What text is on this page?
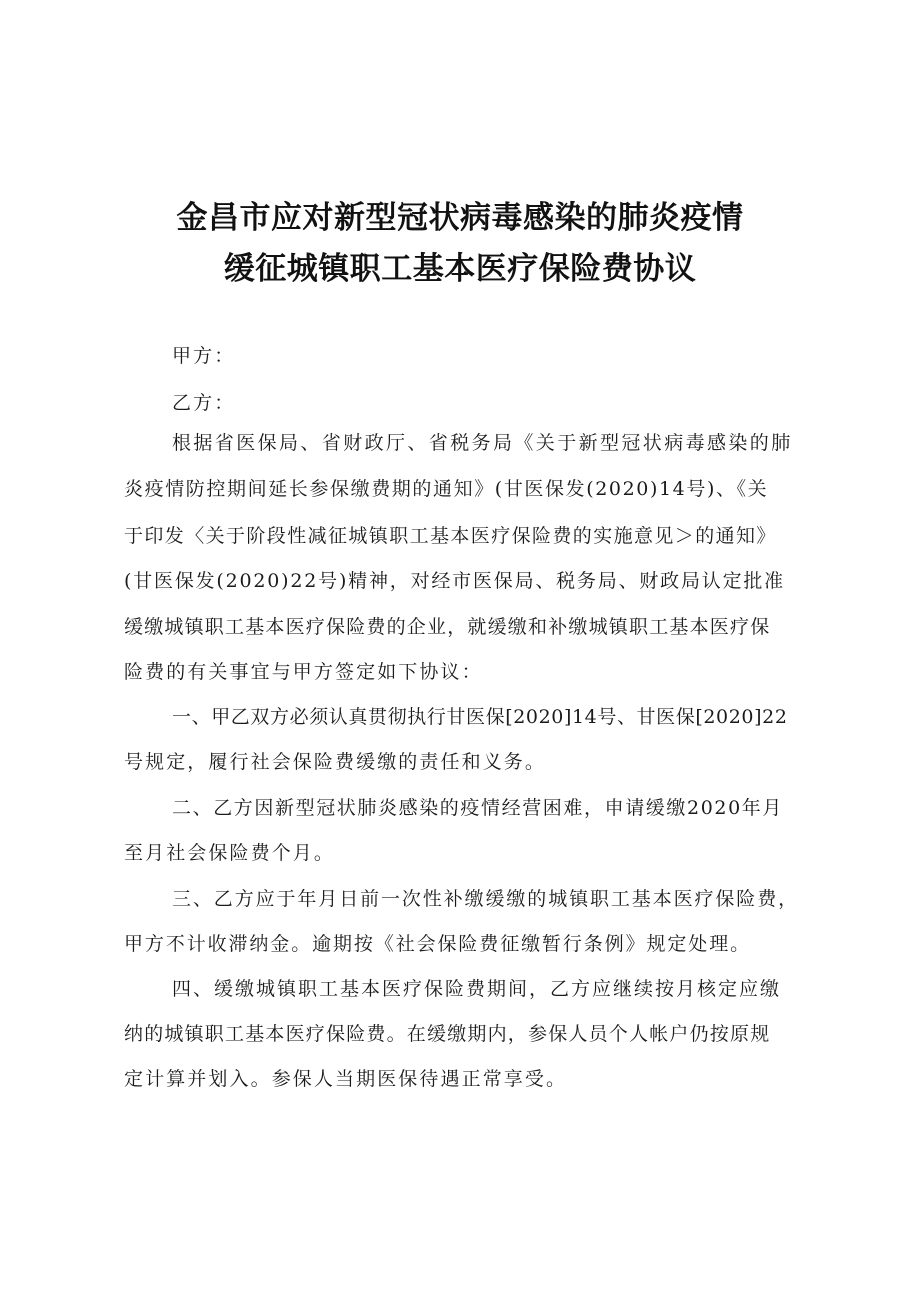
金昌市应对新型冠状病毒感染的肺炎疫情
缓征城镇职工基本医疗保险费协议
甲方：
乙方：
根据省医保局、省财政厅、省税务局《关于新型冠状病毒感染的肺
炎疫情防控期间延长参保缴费期的通知》(甘医保发(2020)14号)、《关
于印发〈关于阶段性减征城镇职工基本医疗保险费的实施意见＞的通知》
(甘医保发(2020)22号)精神，对经市医保局、税务局、财政局认定批准
缓缴城镇职工基本医疗保险费的企业，就缓缴和补缴城镇职工基本医疗保
险费的有关事宜与甲方签定如下协议：
一、甲乙双方必须认真贯彻执行甘医保[2020]14号、甘医保[2020]22
号规定，履行社会保险费缓缴的责任和义务。
二、乙方因新型冠状肺炎感染的疫情经营困难，申请缓缴2020年月
至月社会保险费个月。
三、乙方应于年月日前一次性补缴缓缴的城镇职工基本医疗保险费，
甲方不计收滞纳金。逾期按《社会保险费征缴暂行条例》规定处理。
四、缓缴城镇职工基本医疗保险费期间，乙方应继续按月核定应缴
纳的城镇职工基本医疗保险费。在缓缴期内，参保人员个人帐户仍按原规
定计算并划入。参保人当期医保待遇正常享受。
